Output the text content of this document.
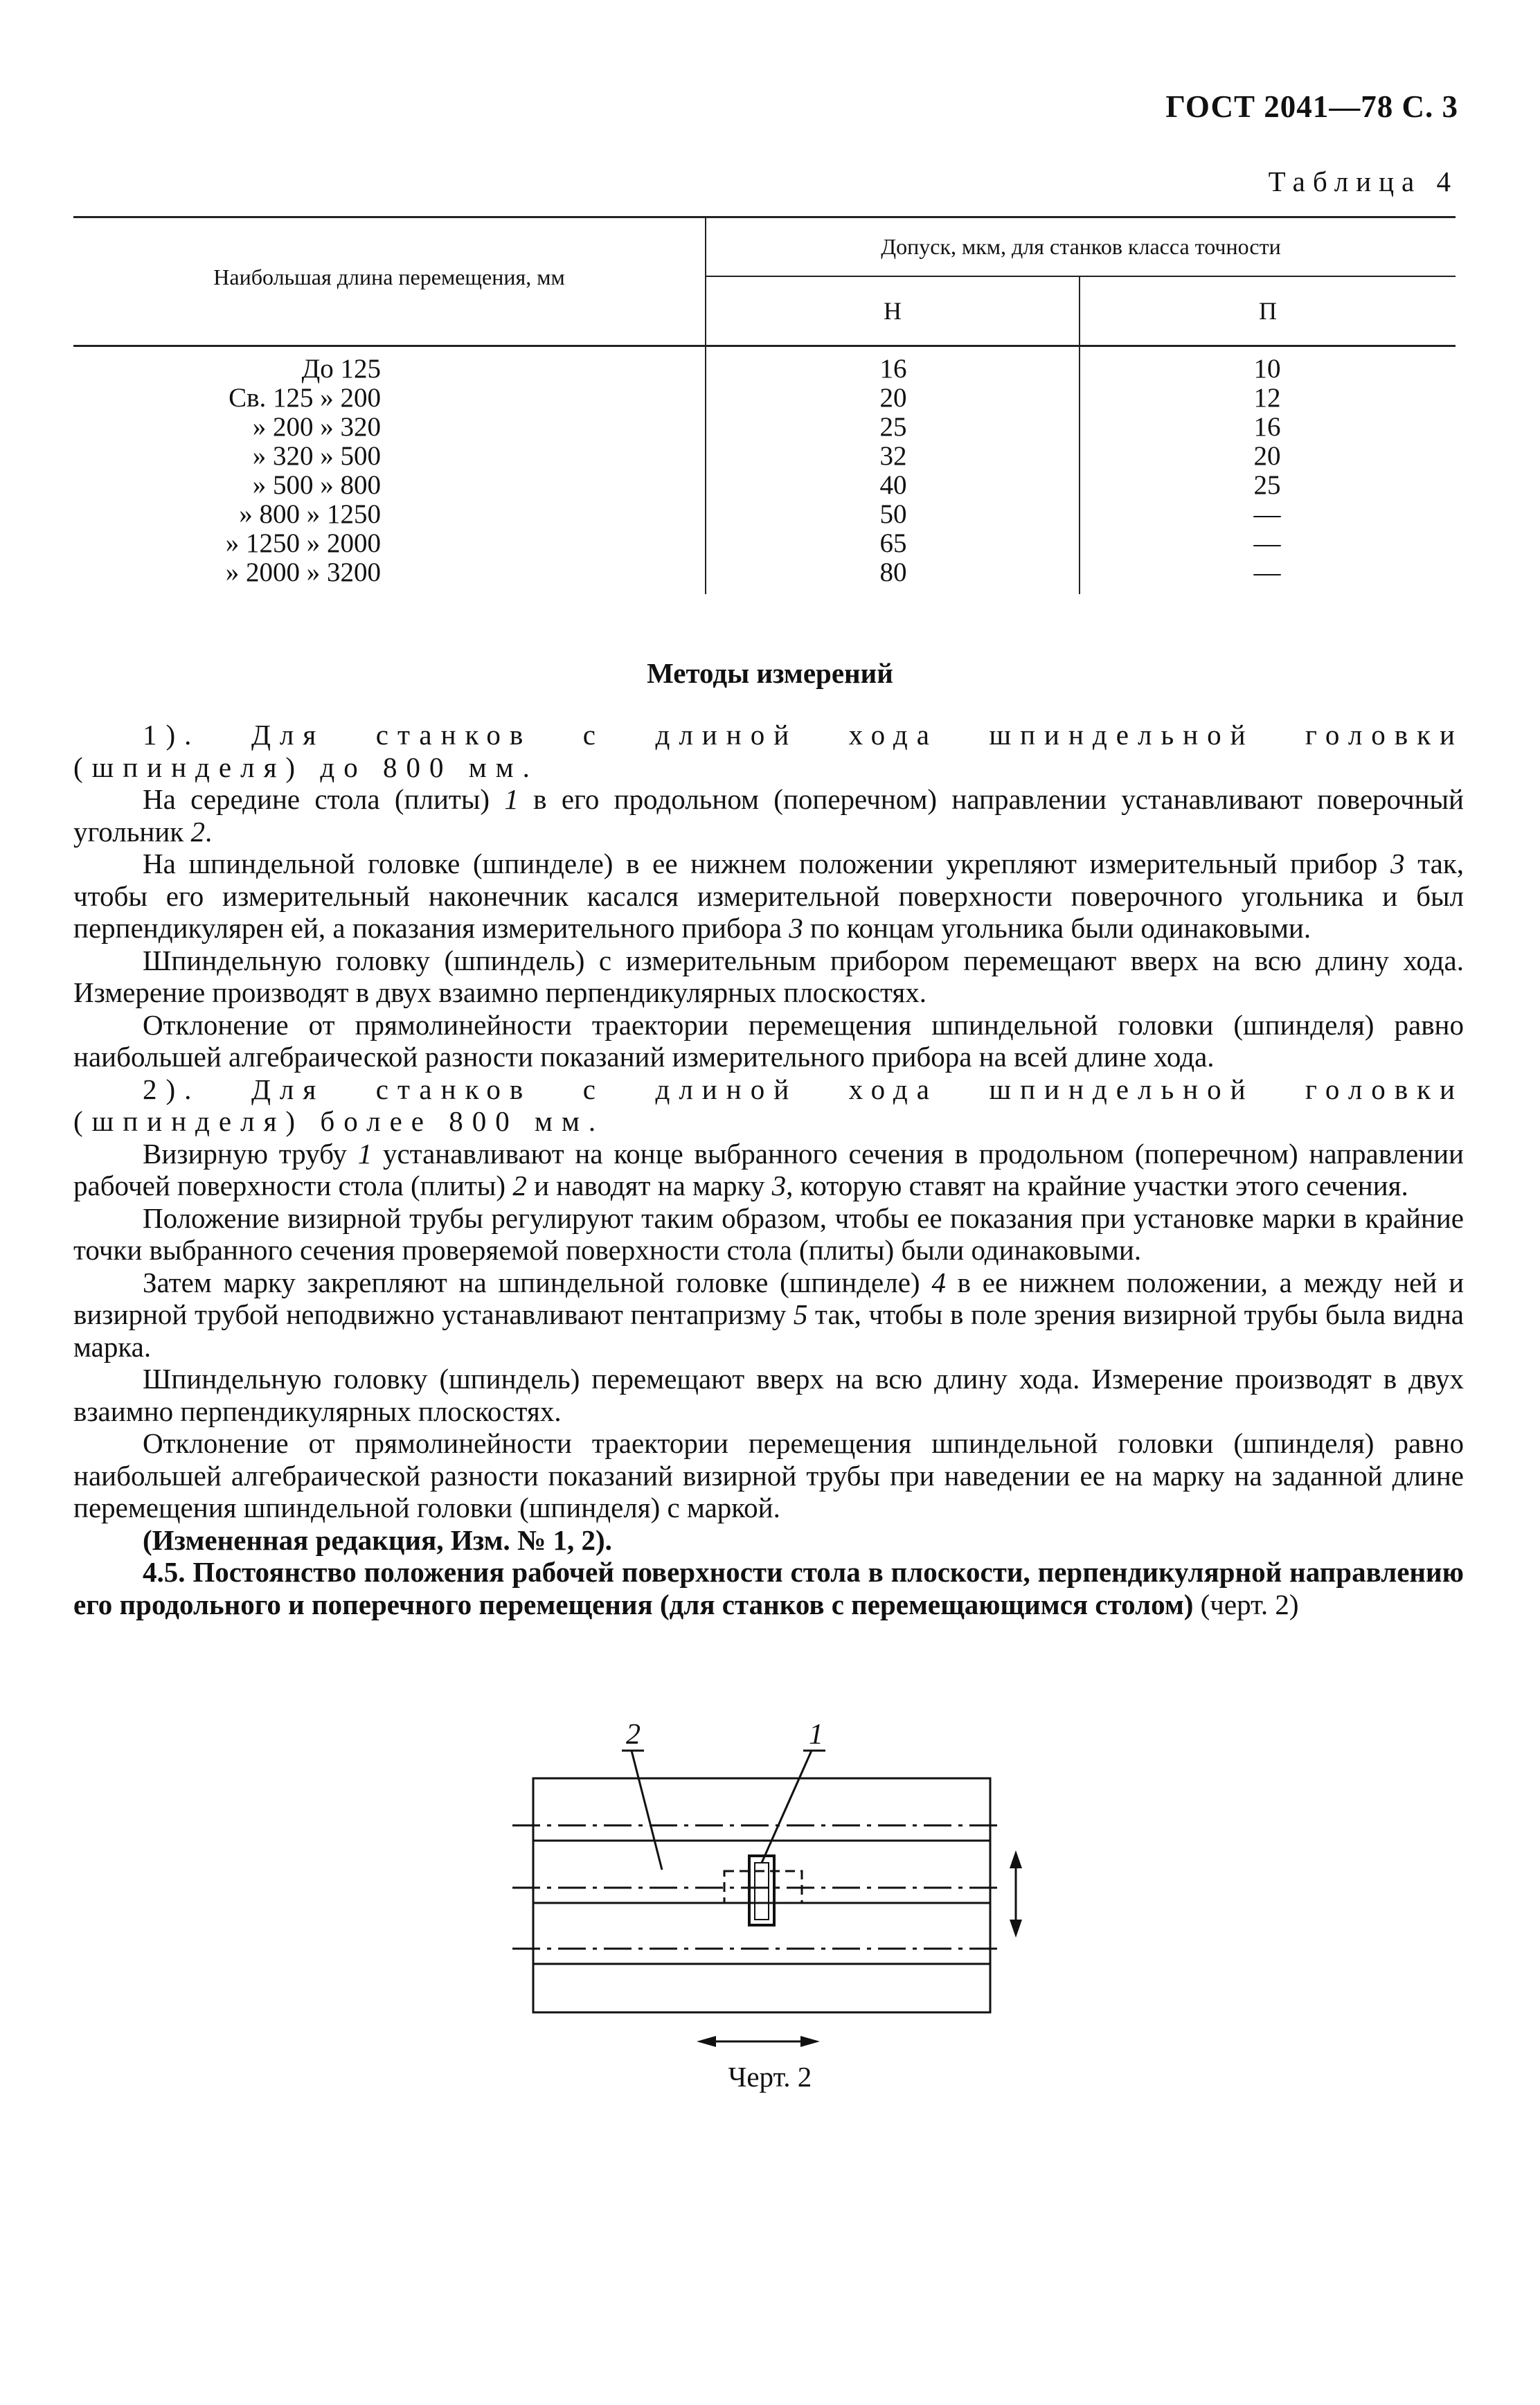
ГОСТ 2041—78 С. 3
Таблица 4
Наибольшая длина перемещения, мм
Допуск, мкм, для станков класса точности
Н	П
До 125
Св. 125 » 200
» 200 » 320
» 320 » 500
» 500 » 800
» 800 » 1250
» 1250 » 2000
» 2000 » 3200
16
20
25
32
40
50
65
80
10
12
16
20
25
—
—
—
Методы измерений

1). Для станков с длиной хода шпиндельной головки (шпинделя) до 800 мм.

На середине стола (плиты) 1 в его продольном (поперечном) направлении устанавливают поверочный угольник 2.

На шпиндельной головке (шпинделе) в ее нижнем положении укрепляют измерительный прибор 3 так, чтобы его измерительный наконечник касался измерительной поверхности поверочного угольника и был перпендикулярен ей, а показания измерительного прибора 3 по концам угольника были одинаковыми.

Шпиндельную головку (шпиндель) с измерительным прибором перемещают вверх на всю длину хода. Измерение производят в двух взаимно перпендикулярных плоскостях.

Отклонение от прямолинейности траектории перемещения шпиндельной головки (шпинделя) равно наибольшей алгебраической разности показаний измерительного прибора на всей длине хода.

2). Для станков с длиной хода шпиндельной головки (шпинделя) более 800 мм.

Визирную трубу 1 устанавливают на конце выбранного сечения в продольном (поперечном) направлении рабочей поверхности стола (плиты) 2 и наводят на марку 3, которую ставят на крайние участки этого сечения.

Положение визирной трубы регулируют таким образом, чтобы ее показания при установке марки в крайние точки выбранного сечения проверяемой поверхности стола (плиты) были одинаковыми.

Затем марку закрепляют на шпиндельной головке (шпинделе) 4 в ее нижнем положении, а между ней и визирной трубой неподвижно устанавливают пентапризму 5 так, чтобы в поле зрения визирной трубы была видна марка.

Шпиндельную головку (шпиндель) перемещают вверх на всю длину хода. Измерение производят в двух взаимно перпендикулярных плоскостях.

Отклонение от прямолинейности траектории перемещения шпиндельной головки (шпинделя) равно наибольшей алгебраической разности показаний визирной трубы при наведении ее на марку на заданной длине перемещения шпиндельной головки (шпинделя) с маркой.

(Измененная редакция, Изм. № 1, 2).

4.5. Постоянство положения рабочей поверхности стола в плоскости, перпендикулярной направлению его продольного и поперечного перемещения (для станков с перемещающимся столом) (черт. 2)

2	1
Черт. 2
